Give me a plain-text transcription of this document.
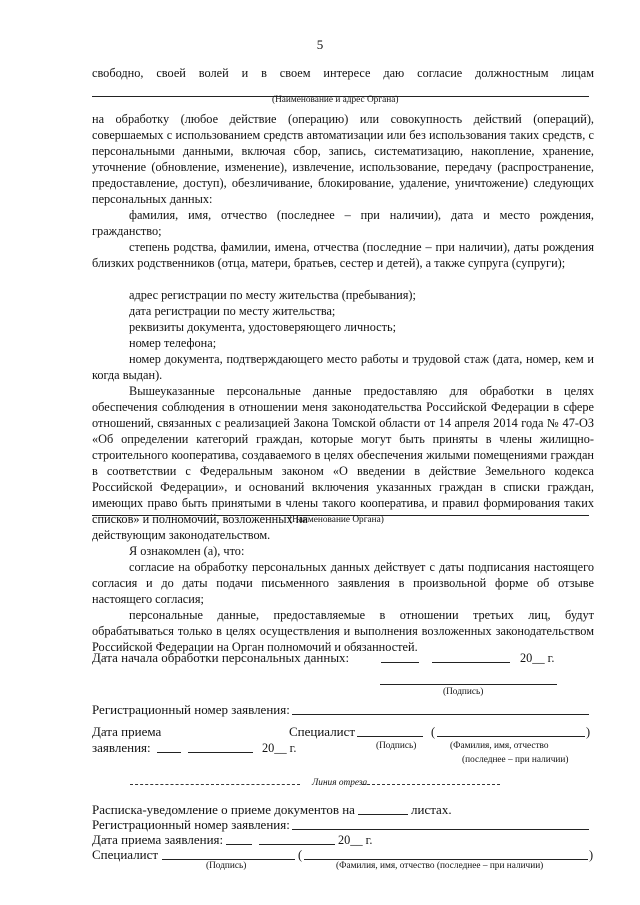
5
свободно, своей волей и в своем интересе даю согласие должностным лицам
(Наименование и адрес Органа)
на обработку (любое действие (операцию) или совокупность действий (операций), совершаемых с использованием средств автоматизации или без использования таких средств, с персональными данными, включая сбор, запись, систематизацию, накопление, хранение, уточнение (обновление, изменение), извлечение, использование, передачу (распространение, предоставление, доступ), обезличивание, блокирование, удаление, уничтожение) следующих персональных данных:
фамилия, имя, отчество (последнее – при наличии), дата и место рождения, гражданство;
степень родства, фамилии, имена, отчества (последние – при наличии), даты рождения близких родственников (отца, матери, братьев, сестер и детей), а также супруга (супруги);
адрес регистрации по месту жительства (пребывания);
дата регистрации по месту жительства;
реквизиты документа, удостоверяющего личность;
номер телефона;
номер документа, подтверждающего место работы и трудовой стаж (дата, номер, кем и когда выдан).
Вышеуказанные персональные данные предоставляю для обработки в целях обеспечения соблюдения в отношении меня законодательства Российской Федерации в сфере отношений, связанных с реализацией Закона Томской области от 14 апреля 2014 года № 47-ОЗ «Об определении категорий граждан, которые могут быть приняты в члены жилищно-строительного кооператива, создаваемого в целях обеспечения жилыми помещениями граждан в соответствии с Федеральным законом «О введении в действие Земельного кодекса Российской Федерации», и оснований включения указанных граждан в списки граждан, имеющих право быть принятыми в члены такого кооператива, и правил формирования таких списков» и полномочий, возложенных на
(Наименование Органа)
действующим законодательством.
Я ознакомлен (а), что:
согласие на обработку персональных данных действует с даты подписания настоящего согласия и до даты подачи письменного заявления в произвольной форме об отзыве настоящего согласия;
персональные данные, предоставляемые в отношении третьих лиц, будут обрабатываться только в целях осуществления и выполнения возложенных законодательством Российской Федерации на Орган полномочий и обязанностей.
Дата начала обработки персональных данных:	20__ г.
(Подпись)
Регистрационный номер заявления:
Дата приема
заявления:	20__ г.
Специалист	(	)
(Подпись)	(Фамилия, имя, отчество
(последнее – при наличии)
Линия отреза
Расписка-уведомление о приеме документов на	листах.
Регистрационный номер заявления:
Дата приема заявления:	20__ г.
Специалист	(	)
(Подпись)	(Фамилия, имя, отчество (последнее – при наличии)
